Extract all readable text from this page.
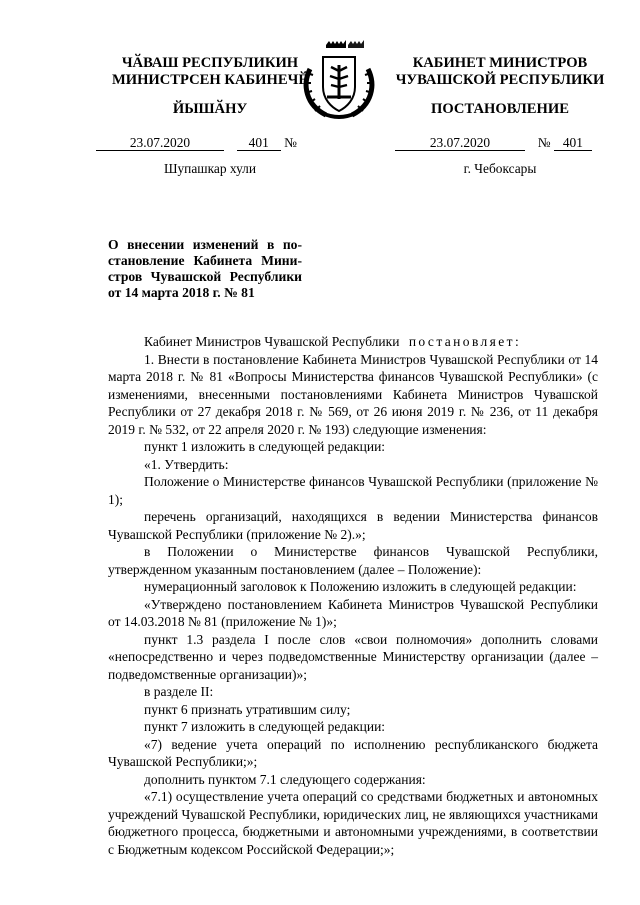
ЧӐВАШ РЕСПУБЛИКИН
МИНИСТРСЕН КАБИНЕЧӖ
ЙЫШӐНУ
23.07.2020	401 №
Шупашкар хули
КАБИНЕТ МИНИСТРОВ
ЧУВАШСКОЙ РЕСПУБЛИКИ
ПОСТАНОВЛЕНИЕ
23.07.2020	№ 401
г. Чебоксары
О внесении изменений в по-
становление Кабинета Мини-
стров Чувашской Республики
от 14 марта 2018 г. № 81

Кабинет Министров Чувашской Республики постановляет:

1. Внести в постановление Кабинета Министров Чувашской Республики от 14 марта 2018 г. № 81 «Вопросы Министерства финансов Чувашской Республики» (с изменениями, внесенными постановлениями Кабинета Министров Чувашской Республики от 27 декабря 2018 г. № 569, от 26 июня 2019 г. № 236, от 11 декабря 2019 г. № 532, от 22 апреля 2020 г. № 193) следующие изменения:

пункт 1 изложить в следующей редакции:

«1. Утвердить:

Положение о Министерстве финансов Чувашской Республики (приложение № 1);

перечень организаций, находящихся в ведении Министерства финансов Чувашской Республики (приложение № 2).»;

в Положении о Министерстве финансов Чувашской Республики, утвержденном указанным постановлением (далее – Положение):

нумерационный заголовок к Положению изложить в следующей редакции:

«Утверждено постановлением Кабинета Министров Чувашской Республики от 14.03.2018 № 81 (приложение № 1)»;

пункт 1.3 раздела I после слов «свои полномочия» дополнить словами «непосредственно и через подведомственные Министерству организации (далее – подведомственные организации)»;

в разделе II:

пункт 6 признать утратившим силу;

пункт 7 изложить в следующей редакции:

«7) ведение учета операций по исполнению республиканского бюджета Чувашской Республики;»;

дополнить пунктом 7.1 следующего содержания:

«7.1) осуществление учета операций со средствами бюджетных и автономных учреждений Чувашской Республики, юридических лиц, не являющихся участниками бюджетного процесса, бюджетными и автономными учреждениями, в соответствии с Бюджетным кодексом Российской Федерации;»;
